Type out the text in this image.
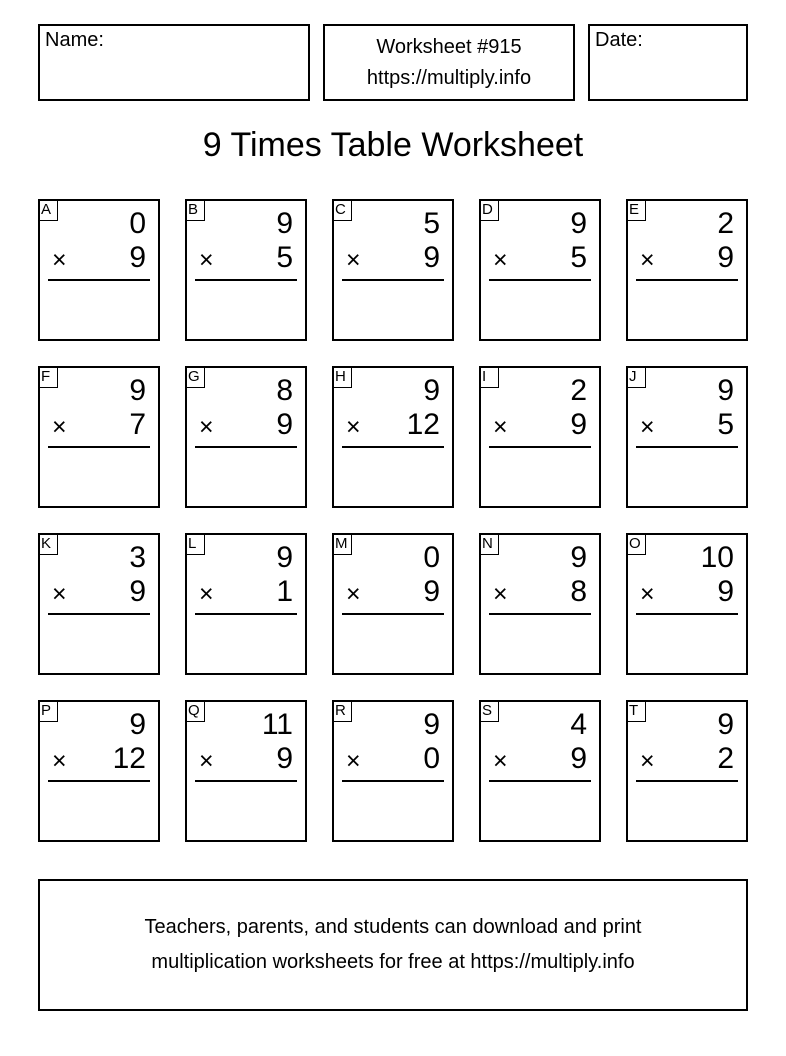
Name:	Worksheet #915
https://multiply.info
Date:
9 Times Table Worksheet
A	0
× 9
B	9
× 5
C	5
× 9
D	9
× 5
E	2
× 9
F	9
× 7
G	8
× 9
H	9
× 12
I	2
× 9
J	9
× 5
K	3
× 9
L	9
× 1
M	0
× 9
N	9
× 8
O 10
× 9
P	9
× 12
Q 11
× 9
R	9
× 0
S	4
× 9
T	9
× 2
Teachers, parents, and students can download and print
multiplication worksheets for free at https://multiply.info
